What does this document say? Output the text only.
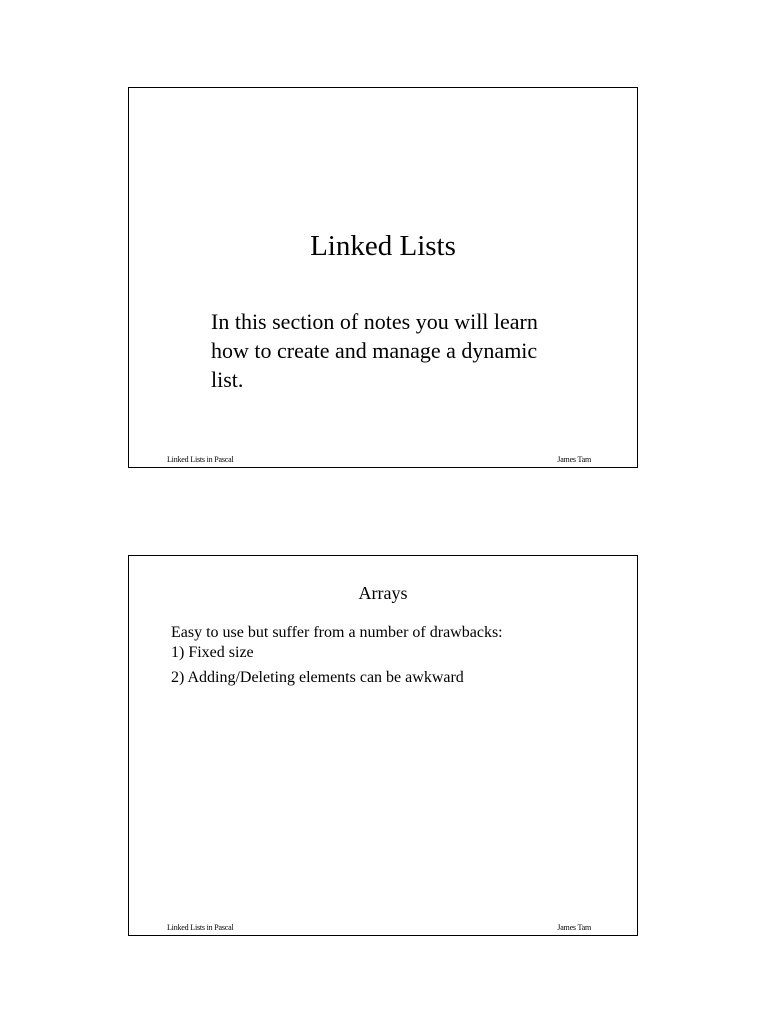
Linked Lists
In this section of notes you will learn how to create and manage a dynamic list.
Linked Lists in Pascal	James Tam
Arrays
Easy to use but suffer from a number of drawbacks:
1) Fixed size
2) Adding/Deleting elements can be awkward
Linked Lists in Pascal	James Tam
